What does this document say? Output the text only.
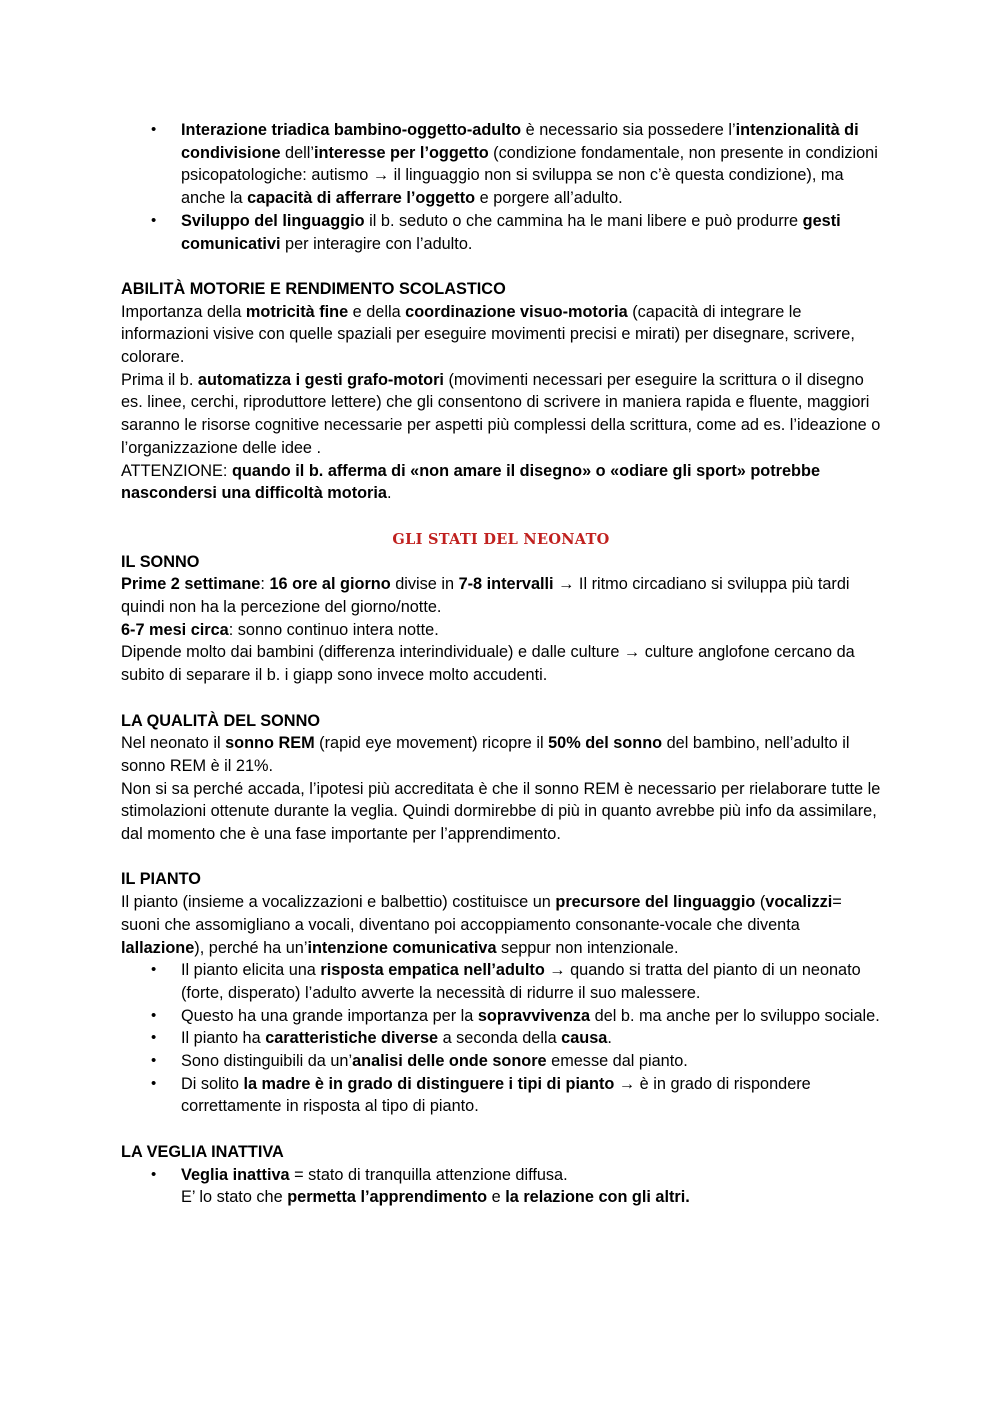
• Interazione triadica bambino-oggetto-adulto è necessario sia possedere l’intenzionalità di condivisione dell’interesse per l’oggetto (condizione fondamentale, non presente in condizioni psicopatologiche: autismo → il linguaggio non si sviluppa se non c’è questa condizione), ma anche la capacità di afferrare l’oggetto e porgere all’adulto.
• Sviluppo del linguaggio il b. seduto o che cammina ha le mani libere e può produrre gesti comunicativi per interagire con l’adulto.

ABILITÀ MOTORIE E RENDIMENTO SCOLASTICO

Importanza della motricità fine e della coordinazione visuo-motoria (capacità di integrare le informazioni visive con quelle spaziali per eseguire movimenti precisi e mirati) per disegnare, scrivere, colorare.

Prima il b. automatizza i gesti grafo-motori (movimenti necessari per eseguire la scrittura o il disegno es. linee, cerchi, riproduttore lettere) che gli consentono di scrivere in maniera rapida e fluente, maggiori saranno le risorse cognitive necessarie per aspetti più complessi della scrittura, come ad es. l’ideazione o l’organizzazione delle idee .

ATTENZIONE: quando il b. afferma di «non amare il disegno» o «odiare gli sport» potrebbe nascondersi una difficoltà motoria.

GLI STATI DEL NEONATO

IL SONNO

Prime 2 settimane: 16 ore al giorno divise in 7-8 intervalli → Il ritmo circadiano si sviluppa più tardi quindi non ha la percezione del giorno/notte.

6-7 mesi circa: sonno continuo intera notte.

Dipende molto dai bambini (differenza interindividuale) e dalle culture → culture anglofone cercano da subito di separare il b. i giapp sono invece molto accudenti.

LA QUALITÀ DEL SONNO

Nel neonato il sonno REM (rapid eye movement) ricopre il 50% del sonno del bambino, nell’adulto il sonno REM è il 21%.

Non si sa perché accada, l’ipotesi più accreditata è che il sonno REM è necessario per rielaborare tutte le stimolazioni ottenute durante la veglia. Quindi dormirebbe di più in quanto avrebbe più info da assimilare, dal momento che è una fase importante per l’apprendimento.

IL PIANTO

Il pianto (insieme a vocalizzazioni e balbettio) costituisce un precursore del linguaggio (vocalizzi= suoni che assomigliano a vocali, diventano poi accoppiamento consonante-vocale che diventa lallazione), perché ha un’intenzione comunicativa seppur non intenzionale.

• Il pianto elicita una risposta empatica nell’adulto → quando si tratta del pianto di un neonato (forte, disperato) l’adulto avverte la necessità di ridurre il suo malessere.
• Questo ha una grande importanza per la sopravvivenza del b. ma anche per lo sviluppo sociale.
• Il pianto ha caratteristiche diverse a seconda della causa.
• Sono distinguibili da un’analisi delle onde sonore emesse dal pianto.
• Di solito la madre è in grado di distinguere i tipi di pianto → è in grado di rispondere correttamente in risposta al tipo di pianto.

LA VEGLIA INATTIVA

• Veglia inattiva = stato di tranquilla attenzione diffusa.
E’ lo stato che permetta l’apprendimento e la relazione con gli altri.
